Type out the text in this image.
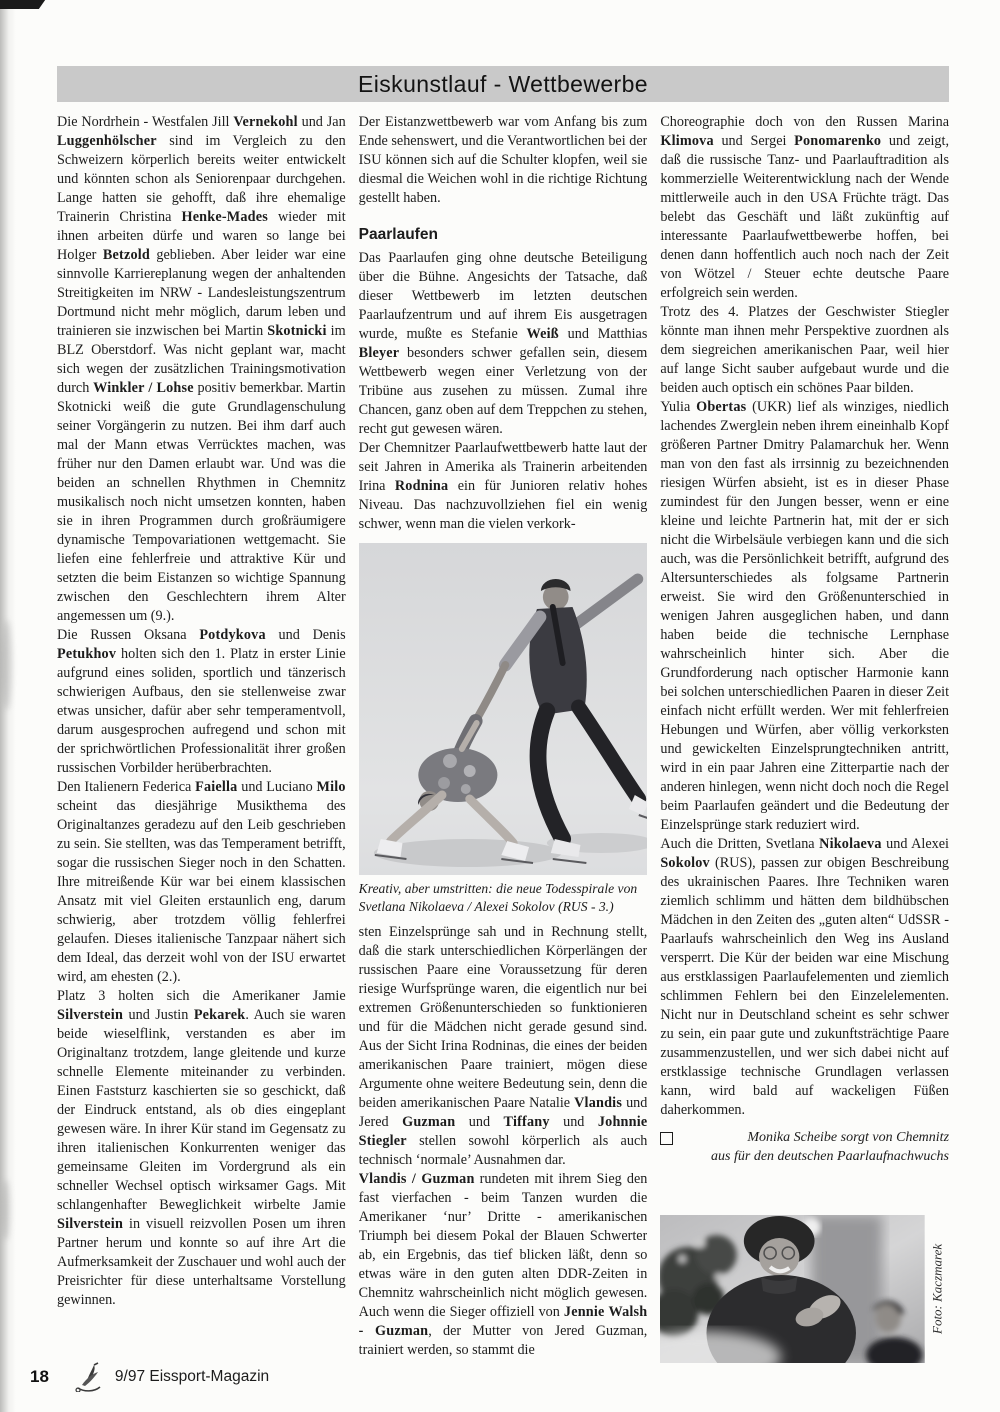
Eiskunstlauf - Wettbewerbe

Die Nordrhein - Westfalen Jill Vernekohl und Jan Luggenhölscher sind im Vergleich zu den Schweizern körperlich bereits weiter entwickelt und könnten schon als Seniorenpaar durchgehen. Lange hatten sie gehofft, daß ihre ehemalige Trainerin Christina Henke-Mades wieder mit ihnen arbeiten dürfe und waren so lange bei Holger Betzold geblieben. Aber leider war eine sinnvolle Karriereplanung wegen der anhaltenden Streitigkeiten im NRW - Landesleistungszentrum Dortmund nicht mehr möglich, darum leben und trainieren sie inzwischen bei Martin Skotnicki im BLZ Oberstdorf. Was nicht geplant war, macht sich wegen der zusätzlichen Trainingsmotivation durch Winkler / Lohse positiv bemerkbar. Martin Skotnicki weiß die gute Grundlagenschulung seiner Vorgängerin zu nutzen. Bei ihm darf auch mal der Mann etwas Verrücktes machen, was früher nur den Damen erlaubt war. Und was die beiden an schnellen Rhythmen in Chemnitz musikalisch noch nicht umsetzen konnten, haben sie in ihren Programmen durch großräumigere dynamische Tempovariationen wettgemacht. Sie liefen eine fehlerfreie und attraktive Kür und setzten die beim Eistanzen so wichtige Spannung zwischen den Geschlechtern ihrem Alter angemessen um (9.).

Die Russen Oksana Potdykova und Denis Petukhov holten sich den 1. Platz in erster Linie aufgrund eines soliden, sportlich und tänzerisch schwierigen Aufbaus, den sie stellenweise zwar etwas unsicher, dafür aber sehr temperamentvoll, darum ausgesprochen aufregend und schon mit der sprichwörtlichen Professionalität ihrer großen russischen Vorbilder herüberbrachten.

Den Italienern Federica Faiella und Luciano Milo scheint das diesjährige Musikthema des Originaltanzes geradezu auf den Leib geschrieben zu sein. Sie stellten, was das Temperament betrifft, sogar die russischen Sieger noch in den Schatten. Ihre mitreißende Kür war bei einem klassischen Ansatz mit viel Gleiten erstaunlich eng, darum schwierig, aber trotzdem völlig fehlerfrei gelaufen. Dieses italienische Tanzpaar nähert sich dem Ideal, das derzeit wohl von der ISU erwartet wird, am ehesten (2.).

Platz 3 holten sich die Amerikaner Jamie Silverstein und Justin Pekarek. Auch sie waren beide wieselflink, verstanden es aber im Originaltanz trotzdem, lange gleitende und kurze schnelle Elemente miteinander zu verbinden. Einen Faststurz kaschierten sie so geschickt, daß der Eindruck entstand, als ob dies eingeplant gewesen wäre. In ihrer Kür stand im Gegensatz zu ihren italienischen Konkurrenten weniger das gemeinsame Gleiten im Vordergrund als ein schneller Wechsel optisch wirksamer Gags. Mit schlangenhafter Beweglichkeit wirbelte Jamie Silverstein in visuell reizvollen Posen um ihren Partner herum und konnte so auf ihre Art die Aufmerksamkeit der Zuschauer und wohl auch der Preisrichter für diese unterhaltsame Vorstellung gewinnen.

Der Eistanzwettbewerb war vom Anfang bis zum Ende sehenswert, und die Verantwortlichen bei der ISU können sich auf die Schulter klopfen, weil sie diesmal die Weichen wohl in die richtige Richtung gestellt haben.

Paarlaufen

Das Paarlaufen ging ohne deutsche Beteiligung über die Bühne. Angesichts der Tatsache, daß dieser Wettbewerb im letzten deutschen Paarlaufzentrum und auf ihrem Eis ausgetragen wurde, mußte es Stefanie Weiß und Matthias Bleyer besonders schwer gefallen sein, diesem Wettbewerb wegen einer Verletzung von der Tribüne aus zusehen zu müssen. Zumal ihre Chancen, ganz oben auf dem Treppchen zu stehen, recht gut gewesen wären.

Der Chemnitzer Paarlaufwettbewerb hatte laut der seit Jahren in Amerika als Trainerin arbeitenden Irina Rodnina ein für Junioren relativ hohes Niveau. Das nachzuvollziehen fiel ein wenig schwer, wenn man die vielen verkork-

Kreativ, aber umstritten: die neue Todesspirale von Svetlana Nikolaeva / Alexei Sokolov (RUS - 3.)

sten Einzelsprünge sah und in Rechnung stellt, daß die stark unterschiedlichen Körperlängen der russischen Paare eine Voraussetzung für deren riesige Wurfsprünge waren, die eigentlich nur bei extremen Größenunterschieden so funktionieren und für die Mädchen nicht gerade gesund sind. Aus der Sicht Irina Rodninas, die eines der beiden amerikanischen Paare trainiert, mögen diese Argumente ohne weitere Bedeutung sein, denn die beiden amerikanischen Paare Natalie Vlandis und Jered Guzman und Tiffany und Johnnie Stiegler stellen sowohl körperlich als auch technisch ‘normale’ Ausnahmen dar.

Vlandis / Guzman rundeten mit ihrem Sieg den fast vierfachen - beim Tanzen wurden die Amerikaner ‘nur’ Dritte - amerikanischen Triumph bei diesem Pokal der Blauen Schwerter ab, ein Ergebnis, das tief blicken läßt, denn so etwas wäre in den guten alten DDR-Zeiten in Chemnitz wahrscheinlich nicht möglich gewesen. Auch wenn die Sieger offiziell von Jennie Walsh - Guzman, der Mutter von Jered Guzman, trainiert werden, so stammt die

Choreographie doch von den Russen Marina Klimova und Sergei Ponomarenko und zeigt, daß die russische Tanz- und Paarlauftradition als kommerzielle Weiterentwicklung nach der Wende mittlerweile auch in den USA Früchte trägt. Das belebt das Geschäft und läßt zukünftig auf interessante Paarlaufwettbewerbe hoffen, bei denen dann hoffentlich auch noch nach der Zeit von Wötzel / Steuer echte deutsche Paare erfolgreich sein werden.

Trotz des 4. Platzes der Geschwister Stiegler könnte man ihnen mehr Perspektive zuordnen als dem siegreichen amerikanischen Paar, weil hier auf lange Sicht sauber aufgebaut wurde und die beiden auch optisch ein schönes Paar bilden.

Yulia Obertas (UKR) lief als winziges, niedlich lachendes Zwerglein neben ihrem eineinhalb Kopf größeren Partner Dmitry Palamarchuk her. Wenn man von den fast als irrsinnig zu bezeichnenden riesigen Würfen absieht, ist es in dieser Phase zumindest für den Jungen besser, wenn er eine kleine und leichte Partnerin hat, mit der er sich nicht die Wirbelsäule verbiegen kann und die sich auch, was die Persönlichkeit betrifft, aufgrund des Altersunterschiedes als folgsame Partnerin erweist. Sie wird den Größenunterschied in wenigen Jahren ausgeglichen haben, und dann haben beide die technische Lernphase wahrscheinlich hinter sich. Aber die Grundforderung nach optischer Harmonie kann bei solchen unterschiedlichen Paaren in dieser Zeit einfach nicht erfüllt werden. Wer mit fehlerfreien Hebungen und Würfen, aber völlig verkorksten und gewickelten Einzelsprungtechniken antritt, wird in ein paar Jahren eine Zitterpartie nach der anderen hinlegen, wenn nicht doch noch die Regel beim Paarlaufen geändert und die Bedeutung der Einzelsprünge stark reduziert wird.

Auch die Dritten, Svetlana Nikolaeva und Alexei Sokolov (RUS), passen zur obigen Beschreibung des ukrainischen Paares. Ihre Techniken waren ziemlich schlimm und hätten dem bildhübschen Mädchen in den Zeiten des „guten alten“ UdSSR - Paarlaufs wahrscheinlich den Weg ins Ausland versperrt. Die Kür der beiden war eine Mischung aus erstklassigen Paarlaufelementen und ziemlich schlimmen Fehlern bei den Einzelelementen. Nicht nur in Deutschland scheint es sehr schwer zu sein, ein paar gute und zukunftsträchtige Paare zusammenzustellen, und wer sich dabei nicht auf erstklassige technische Grundlagen verlassen kann, wird bald auf wackeligen Füßen daherkommen.

Monika Scheibe sorgt von Chemnitz
aus für den deutschen Paarlaufnachwuchs
Foto: Kaczmarek
18	9/97 Eissport-Magazin
